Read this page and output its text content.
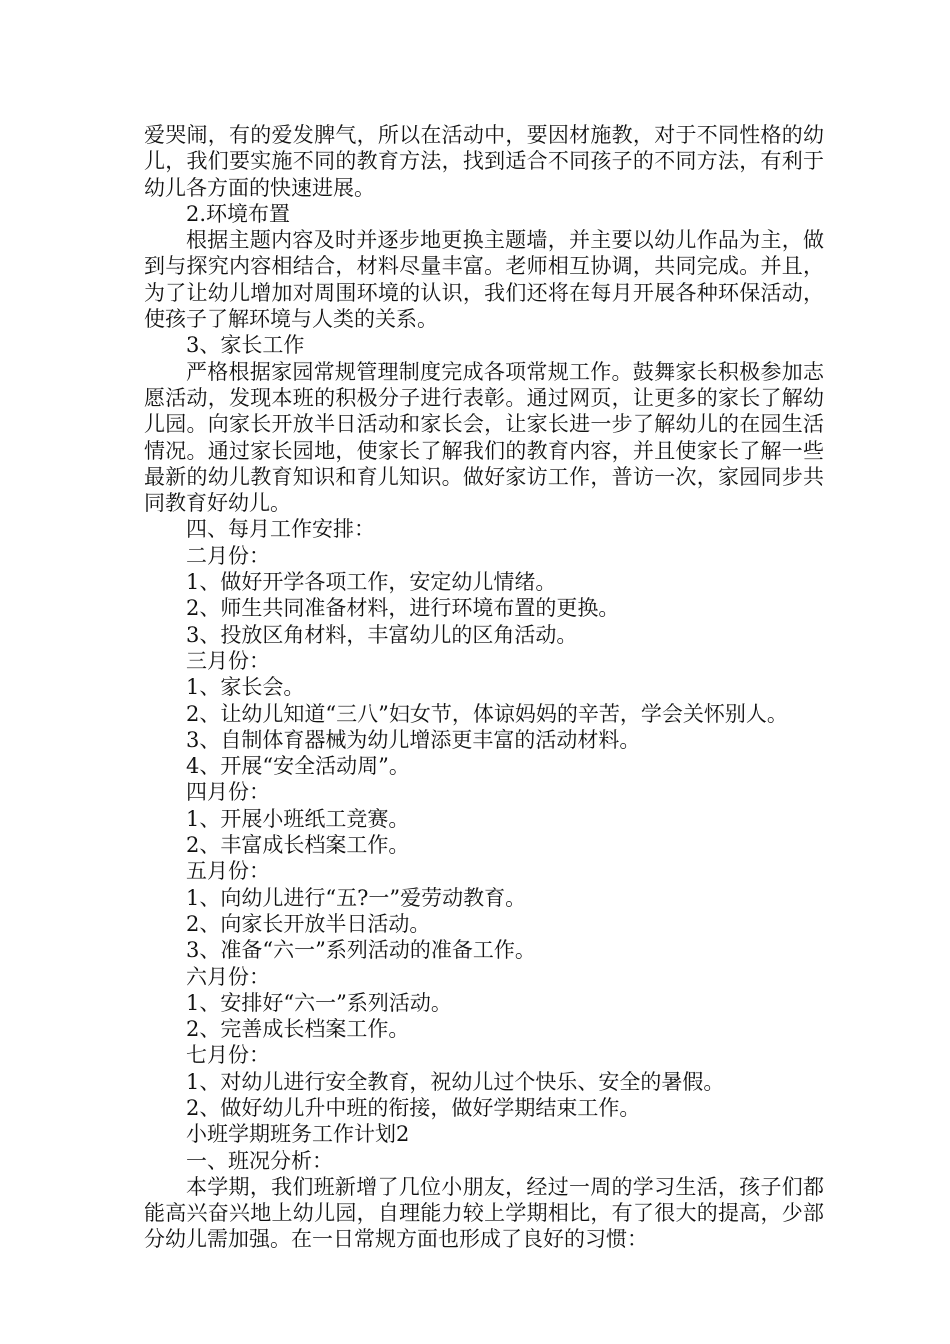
爱哭闹，有的爱发脾气，所以在活动中，要因材施教，对于不同性格的幼儿，我们要实施不同的教育方法，找到适合不同孩子的不同方法，有利于幼儿各方面的快速进展。

2.环境布置

根据主题内容及时并逐步地更换主题墙，并主要以幼儿作品为主，做到与探究内容相结合，材料尽量丰富。老师相互协调，共同完成。并且，为了让幼儿增加对周围环境的认识，我们还将在每月开展各种环保活动，使孩子了解环境与人类的关系。

3、家长工作

严格根据家园常规管理制度完成各项常规工作。鼓舞家长积极参加志愿活动，发现本班的积极分子进行表彰。通过网页，让更多的家长了解幼儿园。向家长开放半日活动和家长会，让家长进一步了解幼儿的在园生活情况。通过家长园地，使家长了解我们的教育内容，并且使家长了解一些最新的幼儿教育知识和育儿知识。做好家访工作，普访一次，家园同步共同教育好幼儿。

四、每月工作安排：

二月份：

1、做好开学各项工作，安定幼儿情绪。

2、师生共同准备材料，进行环境布置的更换。

3、投放区角材料，丰富幼儿的区角活动。

三月份：

1、家长会。

2、让幼儿知道“三八”妇女节，体谅妈妈的辛苦，学会关怀别人。

3、自制体育器械为幼儿增添更丰富的活动材料。

4、开展“安全活动周”。

四月份：

1、开展小班纸工竞赛。

2、丰富成长档案工作。

五月份：

1、向幼儿进行“五?一”爱劳动教育。

2、向家长开放半日活动。

3、准备“六一”系列活动的准备工作。

六月份：

1、安排好“六一”系列活动。

2、完善成长档案工作。

七月份：

1、对幼儿进行安全教育，祝幼儿过个快乐、安全的暑假。

2、做好幼儿升中班的衔接，做好学期结束工作。

小班学期班务工作计划2

一、班况分析：

本学期，我们班新增了几位小朋友，经过一周的学习生活，孩子们都能高兴奋兴地上幼儿园，自理能力较上学期相比，有了很大的提高，少部分幼儿需加强。在一日常规方面也形成了良好的习惯：
